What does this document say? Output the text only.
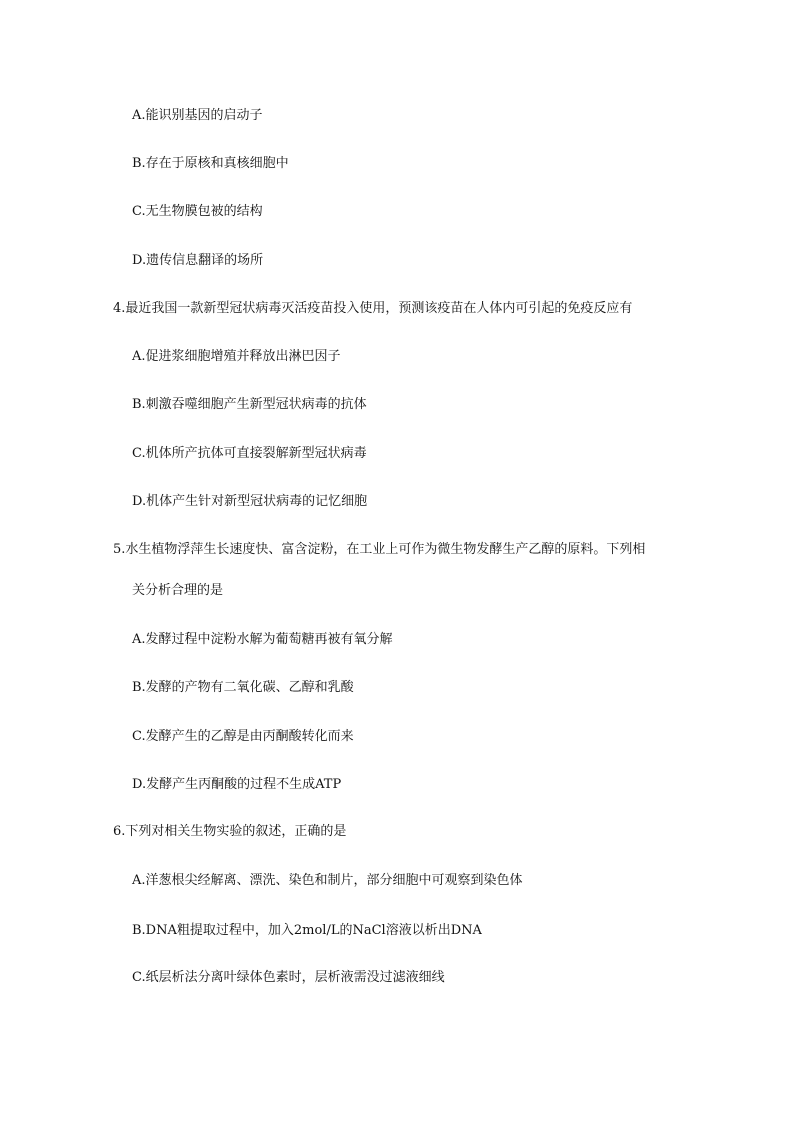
A.能识别基因的启动子
B.存在于原核和真核细胞中
C.无生物膜包被的结构
D.遗传信息翻译的场所
4.最近我国一款新型冠状病毒灭活疫苗投入使用，预测该疫苗在人体内可引起的免疫反应有
A.促进浆细胞增殖并释放出淋巴因子
B.刺激吞噬细胞产生新型冠状病毒的抗体
C.机体所产抗体可直接裂解新型冠状病毒
D.机体产生针对新型冠状病毒的记忆细胞
5.水生植物浮萍生长速度快、富含淀粉，在工业上可作为微生物发酵生产乙醇的原料。下列相
关分析合理的是
A.发酵过程中淀粉水解为葡萄糖再被有氧分解
B.发酵的产物有二氧化碳、乙醇和乳酸
C.发酵产生的乙醇是由丙酮酸转化而来
D.发酵产生丙酮酸的过程不生成ATP
6.下列对相关生物实验的叙述，正确的是
A.洋葱根尖经解离、漂洗、染色和制片，部分细胞中可观察到染色体
B.DNA粗提取过程中，加入2mol/L的NaCl溶液以析出DNA
C.纸层析法分离叶绿体色素时，层析液需没过滤液细线
